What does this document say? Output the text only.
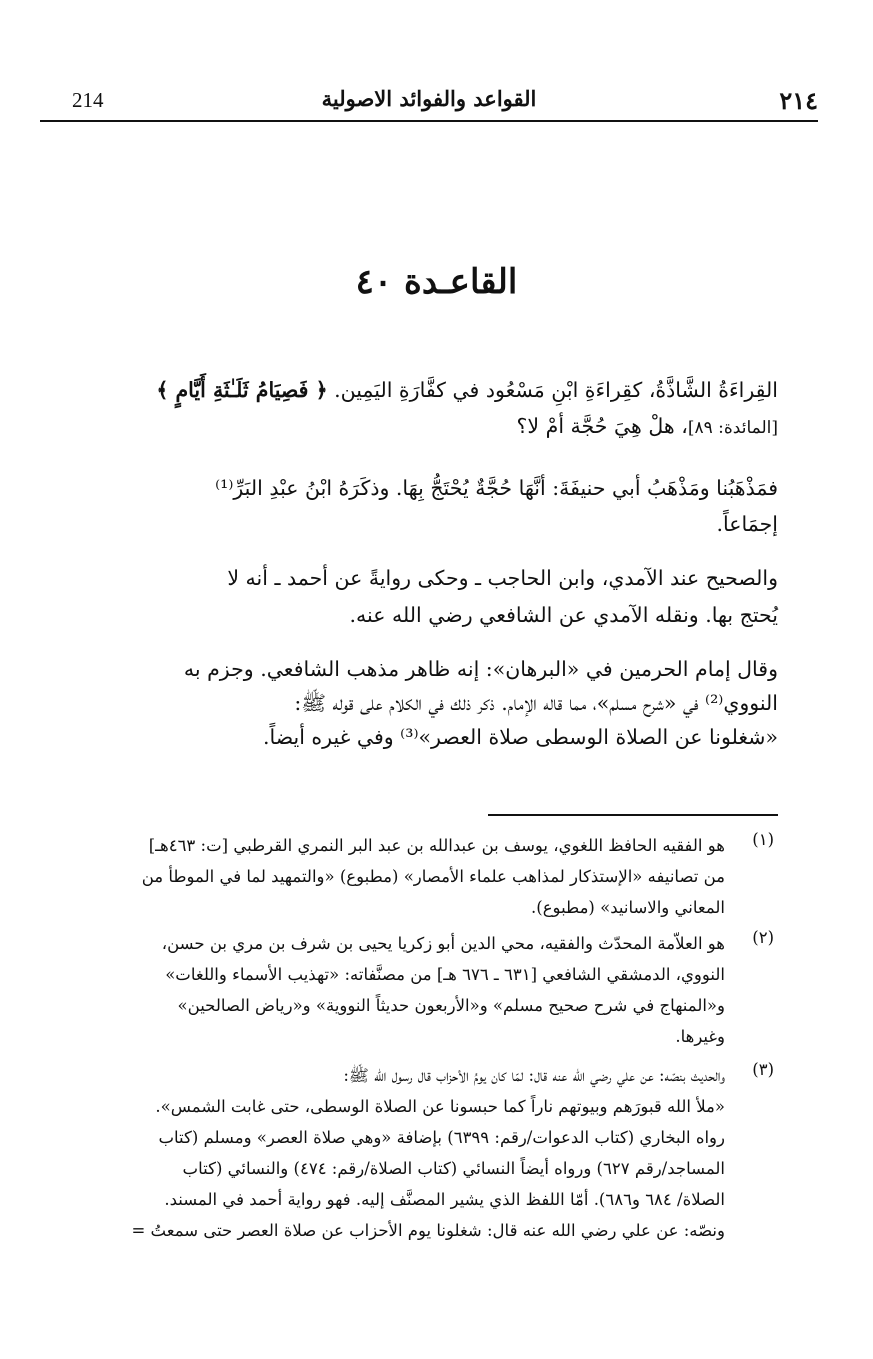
٢١٤
القواعد والفوائد الاصولية
214
القاعـدة ٤٠
القِراءَةُ الشَّاذَّةُ، كقِراءَةِ ابْنِ مَسْعُود في كفَّارَةِ اليَمِين. ﴿ فَصِيَامُ ثَلَـٰثَةِ أَيَّامٍ ﴾
[المائدة: ٨٩]، هلْ هِيَ حُجَّة أمْ لا؟
فمَذْهَبُنا ومَذْهَبُ أبي حنيفَةَ: أنَّهَا حُجَّةٌ يُحْتَجُّ بِهَا. وذكَرَهُ ابْنُ عبْدِ البَرِّ⁽¹⁾
إجمَاعاً.
والصحيح عند الآمدي، وابن الحاجب ـ وحكى روايةً عن أحمد ـ أنه لا
يُحتج بها. ونقله الآمدي عن الشافعي رضي الله عنه.
وقال إمام الحرمين في «البرهان»: إنه ظاهر مذهب الشافعي. وجزم به
النووي⁽²⁾ في «شرح مسلم»، مما قاله الإمام. ذكر ذلك في الكلام على قوله ﷺ:
«شغلونا عن الصلاة الوسطى صلاة العصر»⁽³⁾ وفي غيره أيضاً.
(١)
هو الفقيه الحافظ اللغوي، يوسف بن عبدالله بن عبد البر النمري القرطبي [ت: ٤٦٣هـ]
من تصانيفه «الإستذكار لمذاهب علماء الأمصار» (مطبوع) «والتمهيد لما في الموطأ من
المعاني والاسانيد» (مطبوع).
(٢)
هو العلاّمة المحدّث والفقيه، محي الدين أبو زكريا يحيى بن شرف بن مري بن حسن،
النووي، الدمشقي الشافعي [٦٣١ ـ ٦٧٦ هـ] من مصنَّفاته: «تهذيب الأسماء واللغات»
و«المنهاج في شرح صحيح مسلم» و«الأربعون حديثاً النووية» و«رياض الصالحين»
وغيرها.
(٣)
والحديث بنصّه: عن علي رضي الله عنه قال: لمّا كان يومُ الأحزاب قال رسول الله ﷺ:
«ملأ الله قبورَهم وبيوتهم ناراً كما حبسونا عن الصلاة الوسطى، حتى غابت الشمس».
رواه البخاري (كتاب الدعوات/رقم: ٦٣٩٩) بإضافة «وهي صلاة العصر» ومسلم (كتاب
المساجد/رقم ٦٢٧) ورواه أيضاً النسائي (كتاب الصلاة/رقم: ٤٧٤) والنسائي (كتاب
الصلاة/ ٦٨٤ و٦٨٦). أمّا اللفظ الذي يشير المصنَّف إليه. فهو رواية أحمد في المسند.
ونصّه: عن علي رضي الله عنه قال: شغلونا يوم الأحزاب عن صلاة العصر حتى سمعتُ =
